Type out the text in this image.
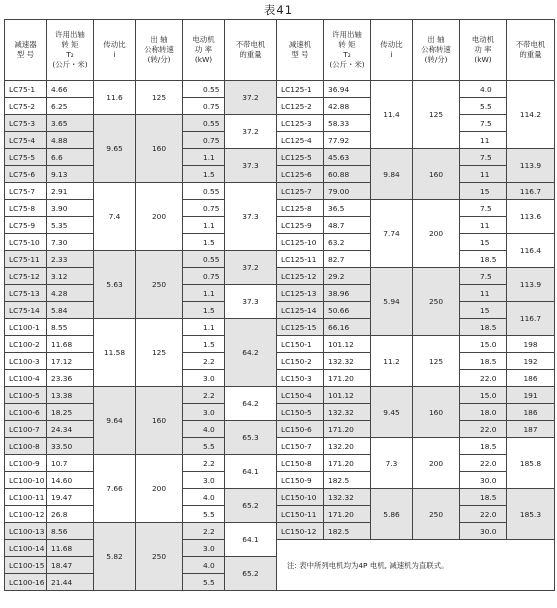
表41
减速器
型 号	许用出轴
转 矩
T₂
(公斤・米)	传动比
i	出 轴
公称转速
(转/分)	电动机
功 率
(kW)	不带电机
的重量	减速机
型 号	许用出轴
转 矩
T₂
(公斤・米)	传动比
i	出 轴
公称转速
(转/分)	电动机
功 率
(kW)	不带电机
的重量
LC75-1	4.66	11.6	125	0.55	37.2	LC125-1	36.94	11.4	125	4.0	114.2
LC75-2	6.25			0.75		LC125-2	42.88			5.5	
LC75-3	3.65	9.65	160	0.55	37.2	LC125-3	58.33			7.5	
LC75-4	4.88			0.75		LC125-4	77.92			11	
LC75-5	6.6			1.1	37.3	LC125-5	45.63	9.84	160	7.5	113.9
LC75-6	9.13			1.5		LC125-6	60.88			11	
LC75-7	2.91	7.4	200	0.55	37.3	LC125-7	79.00			15	116.7
LC75-8	3.90			0.75		LC125-8	36.5	7.74	200	7.5	113.6
LC75-9	5.35			1.1		LC125-9	48.7			11	
LC75-10	7.30			1.5		LC125-10	63.2			15	116.4
LC75-11	2.33	5.63	250	0.55	37.2	LC125-11	82.7			18.5	
LC75-12	3.12			0.75		LC125-12	29.2	5.94	250	7.5	113.9
LC75-13	4.28			1.1	37.3	LC125-13	38.96			11	
LC75-14	5.84			1.5		LC125-14	50.66			15	116.7
LC100-1	8.55	11.58	125	1.1	64.2	LC125-15	66.16			18.5	
LC100-2	11.68			1.5		LC150-1	101.12	11.2	125	15.0	198
LC100-3	17.12			2.2		LC150-2	132.32			18.5	192
LC100-4	23.36			3.0		LC150-3	171.20			22.0	186
LC100-5	13.38	9.64	160	2.2	64.2	LC150-4	101.12	9.45	160	15.0	191
LC100-6	18.25			3.0		LC150-5	132.32			18.0	186
LC100-7	24.34			4.0	65.3	LC150-6	171.20			22.0	187
LC100-8	33.50			5.5		LC150-7	132.20	7.3	200	18.5	185.8
LC100-9	10.7	7.66	200	2.2	64.1	LC150-8	171.20			22.0	
LC100-10	14.60			3.0		LC150-9	182.5			30.0	
LC100-11	19.47			4.0	65.2	LC150-10	132.32	5.86	250	18.5	185.3
LC100-12	26.8			5.5		LC150-11	171.20			22.0	
LC100-13	8.56	5.82	250	2.2	64.1	LC150-12	182.5			30.0	
LC100-14	11.68			3.0		注: 表中所列电机均为4P 电机, 减速机为直联式。					
LC100-15	18.47			4.0	65.2						
LC100-16	21.44			5.5							
